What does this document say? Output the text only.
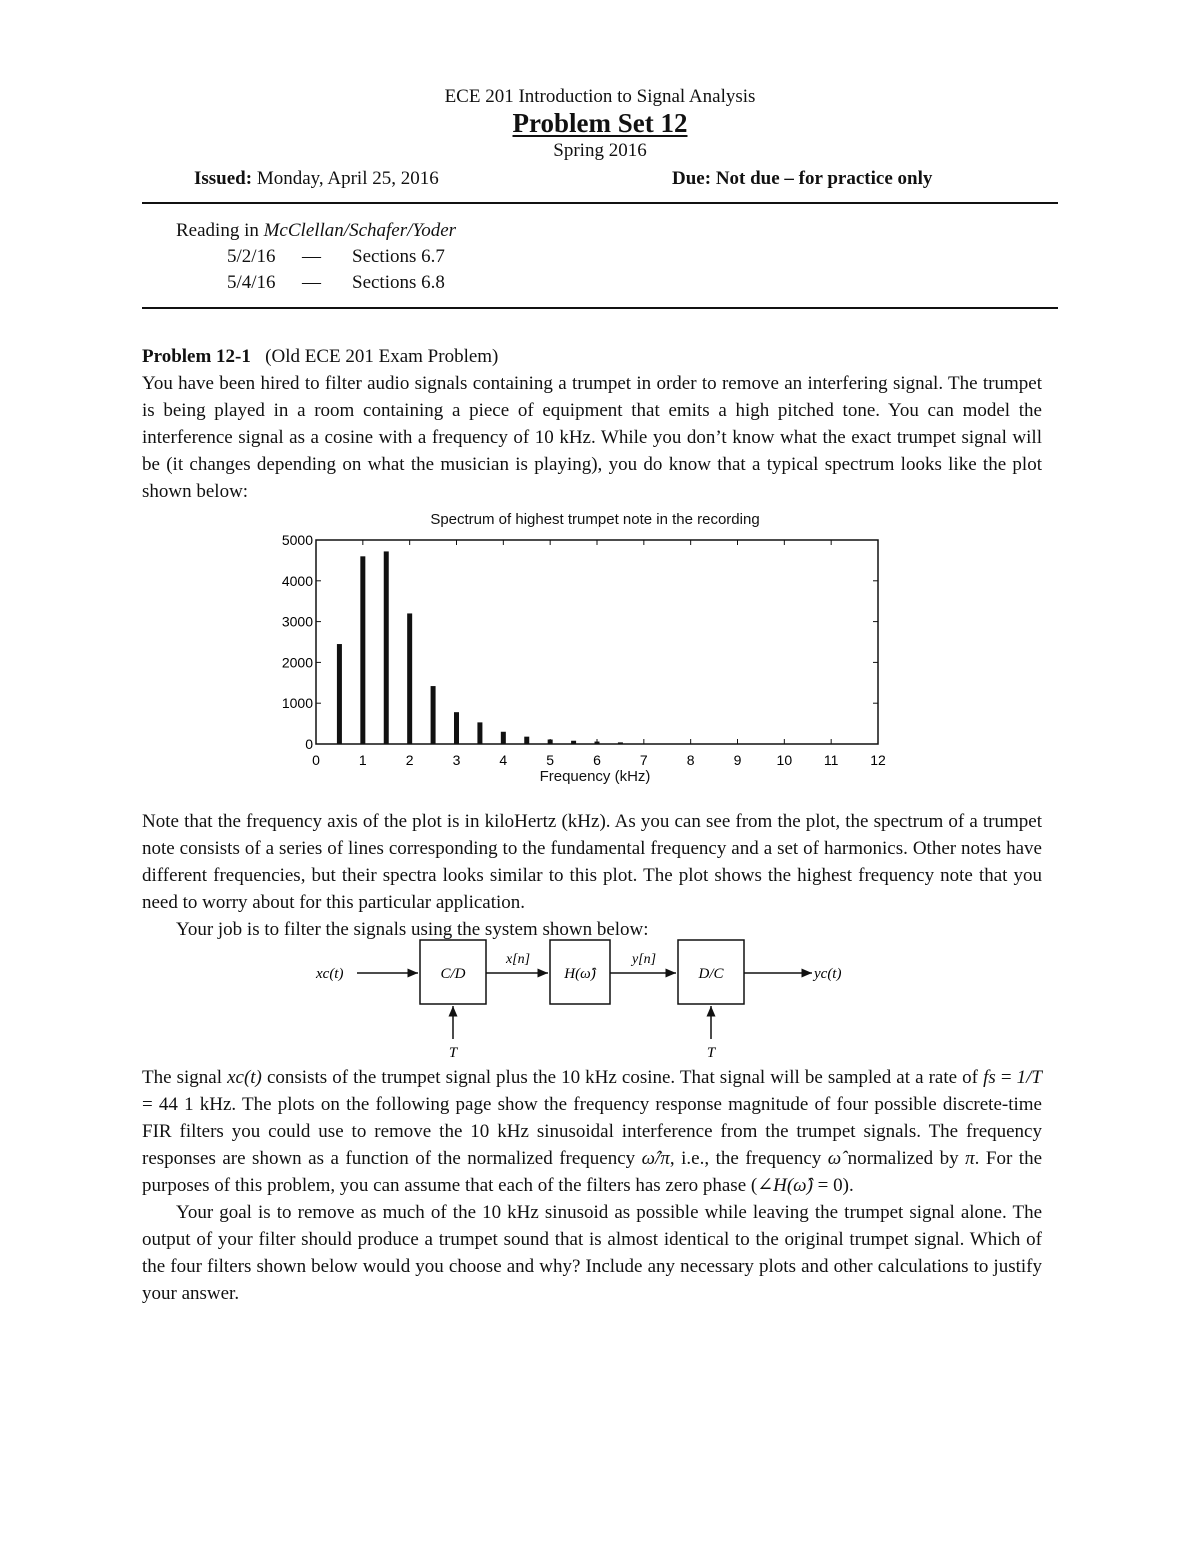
ECE 201 Introduction to Signal Analysis
Problem Set 12
Spring 2016
Issued: Monday, April 25, 2016	Due: Not due – for practice only
Reading in McClellan/Schafer/Yoder
5/2/16 — Sections 6.7
5/4/16 — Sections 6.8

Problem 12-1 (Old ECE 201 Exam Problem)

You have been hired to filter audio signals containing a trumpet in order to remove an interfering signal. The trumpet is being played in a room containing a piece of equipment that emits a high pitched tone. You can model the interference signal as a cosine with a frequency of 10 kHz. While you don’t know what the exact trumpet signal will be (it changes depending on what the musician is playing), you do know that a typical spectrum looks like the plot shown below:

Spectrum of highest trumpet note in the recording
0
1000
2000
3000
4000
5000
0	1	2	3	4	5	6	7	8	9	10 11 12
Frequency (kHz)

Note that the frequency axis of the plot is in kiloHertz (kHz). As you can see from the plot, the spectrum of a trumpet note consists of a series of lines corresponding to the fundamental frequency and a set of harmonics. Other notes have different frequencies, but their spectra looks similar to this plot. The plot shows the highest frequency note that you need to worry about for this particular application.

Your job is to filter the signals using the system shown below:

xc(t)	C/D
x[n]
H(ω̂)
y[n]
D/C	yc(t)
T	T

The signal xc(t) consists of the trumpet signal plus the 10 kHz cosine. That signal will be sampled at a rate of fs = 1/T = 44 1 kHz. The plots on the following page show the frequency response magnitude of four possible discrete-time FIR filters you could use to remove the 10 kHz sinusoidal interference from the trumpet signals. The frequency responses are shown as a function of the normalized frequency ω̂/π, i.e., the frequency ω̂ normalized by π. For the purposes of this problem, you can assume that each of the filters has zero phase (∠H(ω̂) = 0).

Your goal is to remove as much of the 10 kHz sinusoid as possible while leaving the trumpet signal alone. The output of your filter should produce a trumpet sound that is almost identical to the original trumpet signal. Which of the four filters shown below would you choose and why? Include any necessary plots and other calculations to justify your answer.
